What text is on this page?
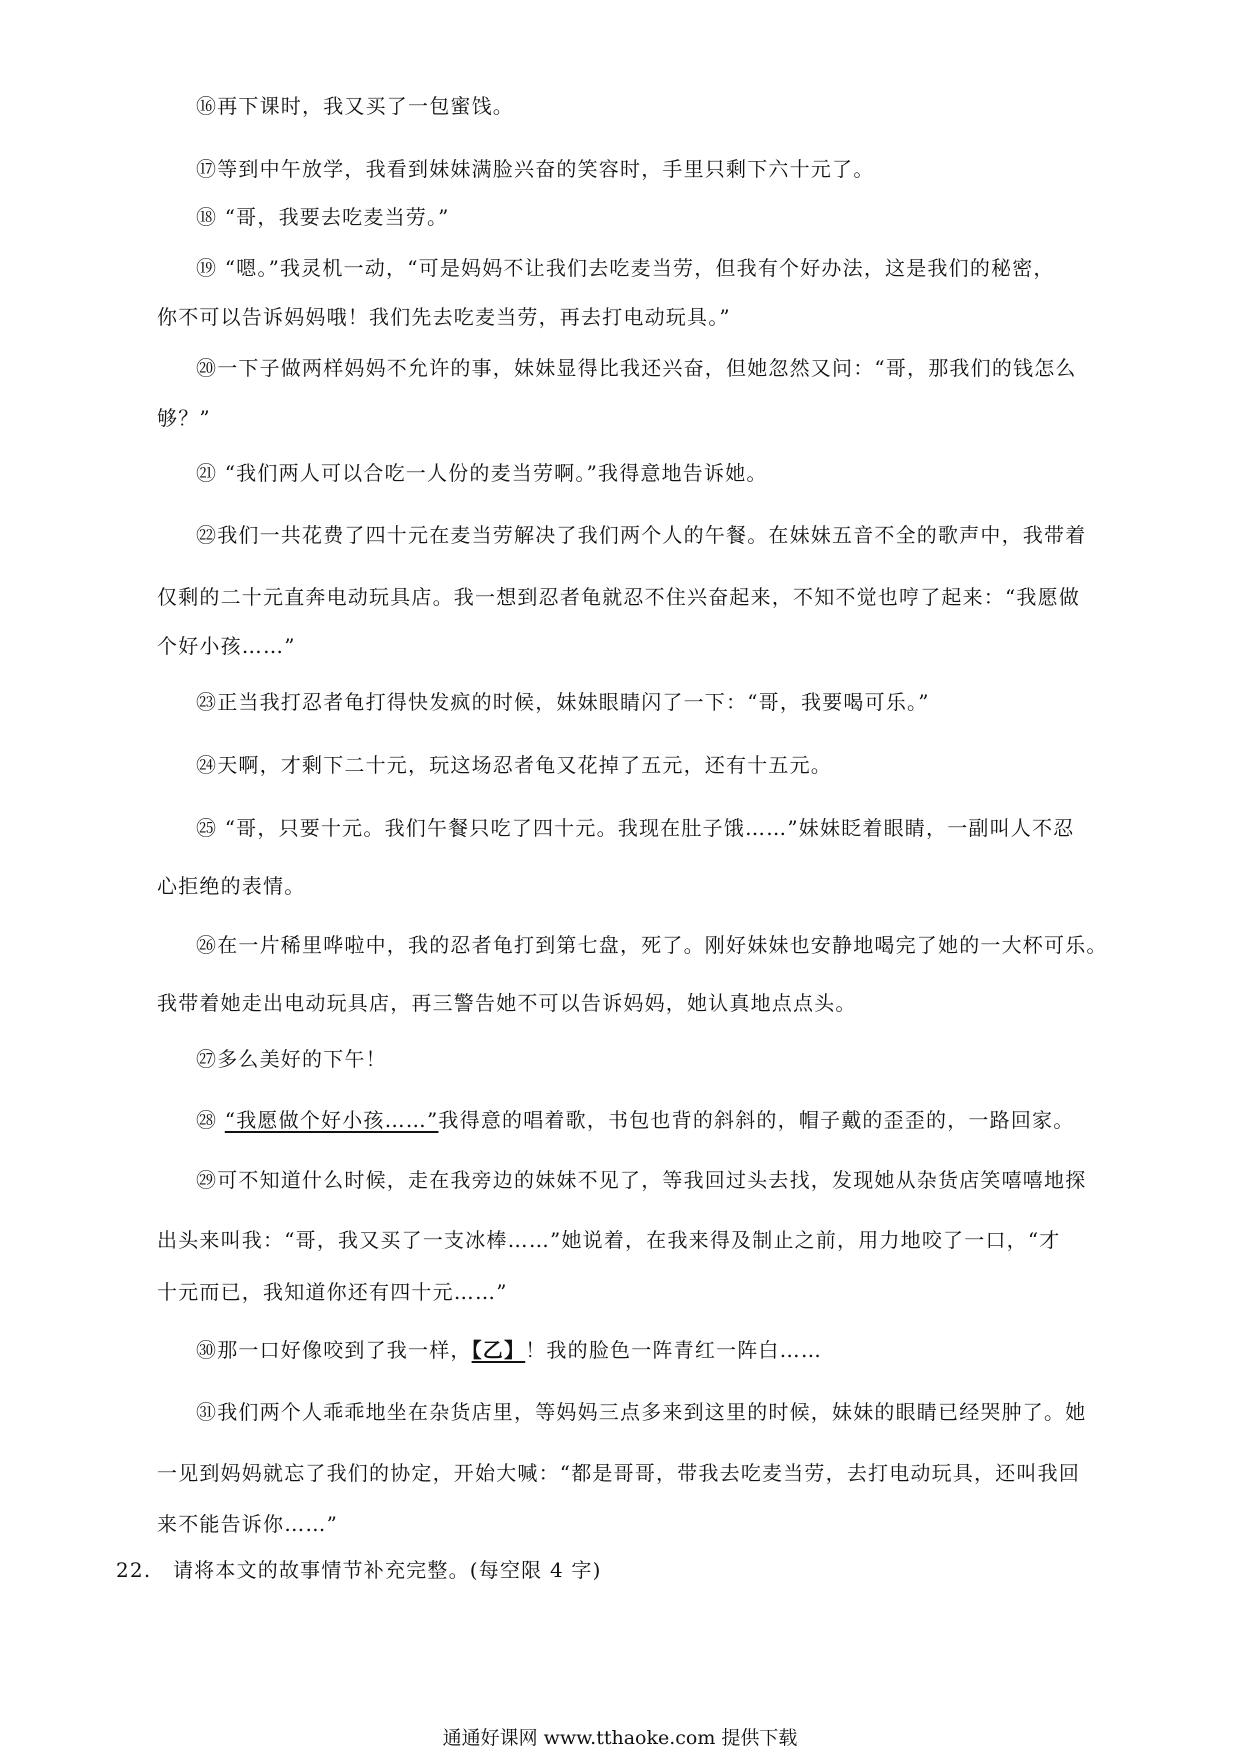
⑯再下课时，我又买了一包蜜饯。
⑰等到中午放学，我看到妹妹满脸兴奋的笑容时，手里只剩下六十元了。
⑱ “哥，我要去吃麦当劳。”
⑲ “嗯。”我灵机一动，“可是妈妈不让我们去吃麦当劳，但我有个好办法，这是我们的秘密，
你不可以告诉妈妈哦！我们先去吃麦当劳，再去打电动玩具。”
⑳一下子做两样妈妈不允许的事，妹妹显得比我还兴奋，但她忽然又问：“哥，那我们的钱怎么
够？”
㉑ “我们两人可以合吃一人份的麦当劳啊。”我得意地告诉她。
㉒我们一共花费了四十元在麦当劳解决了我们两个人的午餐。在妹妹五音不全的歌声中，我带着
仅剩的二十元直奔电动玩具店。我一想到忍者龟就忍不住兴奋起来，不知不觉也哼了起来：“我愿做
个好小孩……”
㉓正当我打忍者龟打得快发疯的时候，妹妹眼睛闪了一下：“哥，我要喝可乐。”
㉔天啊，才剩下二十元，玩这场忍者龟又花掉了五元，还有十五元。
㉕ “哥，只要十元。我们午餐只吃了四十元。我现在肚子饿……”妹妹眨着眼睛，一副叫人不忍
心拒绝的表情。
㉖在一片稀里哗啦中，我的忍者龟打到第七盘，死了。刚好妹妹也安静地喝完了她的一大杯可乐。
我带着她走出电动玩具店，再三警告她不可以告诉妈妈，她认真地点点头。
㉗多么美好的下午！
㉘ “我愿做个好小孩……”我得意的唱着歌，书包也背的斜斜的，帽子戴的歪歪的，一路回家。
㉙可不知道什么时候，走在我旁边的妹妹不见了，等我回过头去找，发现她从杂货店笑嘻嘻地探
出头来叫我：“哥，我又买了一支冰棒……”她说着，在我来得及制止之前，用力地咬了一口，“才
十元而已，我知道你还有四十元……”
㉚那一口好像咬到了我一样，【乙】！我的脸色一阵青红一阵白……
㉛我们两个人乖乖地坐在杂货店里，等妈妈三点多来到这里的时候，妹妹的眼睛已经哭肿了。她
一见到妈妈就忘了我们的协定，开始大喊：“都是哥哥，带我去吃麦当劳，去打电动玩具，还叫我回
来不能告诉你……”
22. 请将本文的故事情节补充完整。(每空限 4 字)
通通好课网 www.tthaoke.com 提供下载
